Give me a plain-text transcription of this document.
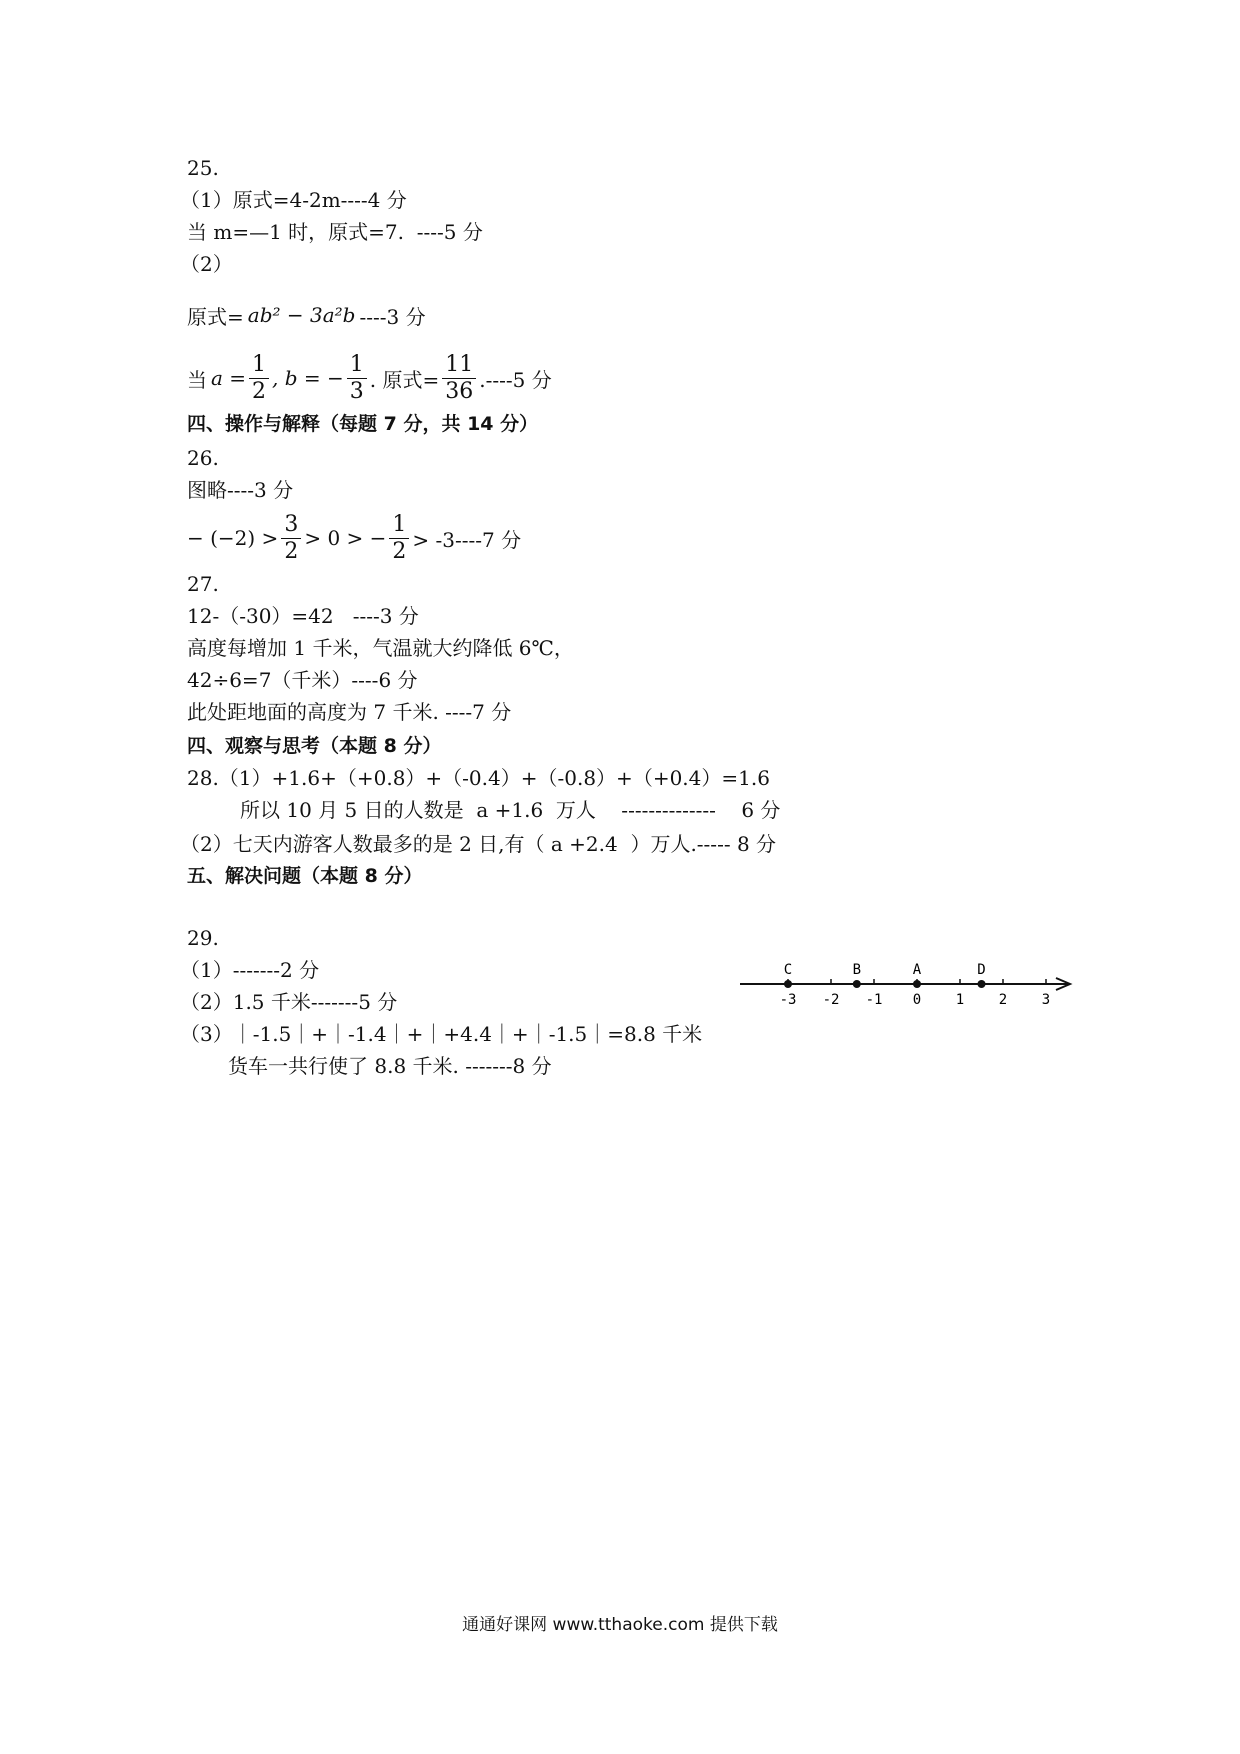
25.
（1）原式=4-2m----4 分
当 m=—1 时，原式=7.  ----5 分
（2）
原式= ab² − 3a²b ----3 分
当 $a = \frac{1}{2}$ , b = − $\frac{1}{3}$ . 原式= $\frac{11}{36} .----5$ 分
四、操作与解释（每题 7 分，共 14 分）
26.
图略----3 分
− $(-2) > \frac{3}{2} > 0$ > − $\frac{1}{2} > -3----7$ 分
27.
12-（-30）=42   ----3 分
高度每增加 1 千米，气温就大约降低 6℃，
42÷6=7（千米）----6 分
此处距地面的高度为 7 千米. ----7 分
四、观察与思考（本题 8 分）
28.（1）+1.6+（+0.8）+（-0.4）+（-0.8）+（+0.4）=1.6
所以 10 月 5 日的人数是  a +1.6  万人    --------------    6 分
（2）七天内游客人数最多的是 2 日,有（ a +2.4  ）万人.----- 8 分
五、解决问题（本题 8 分）
29.
（1）-------2 分
（2）1.5 千米-------5 分
（3）｜-1.5｜+｜-1.4｜+｜+4.4｜+｜-1.5｜=8.8 千米
货车一共行使了 8.8 千米. -------8 分
-3 -2 -1 0 1 2 3
C	B	A	D
通通好课网 www.tthaoke.com 提供下载
